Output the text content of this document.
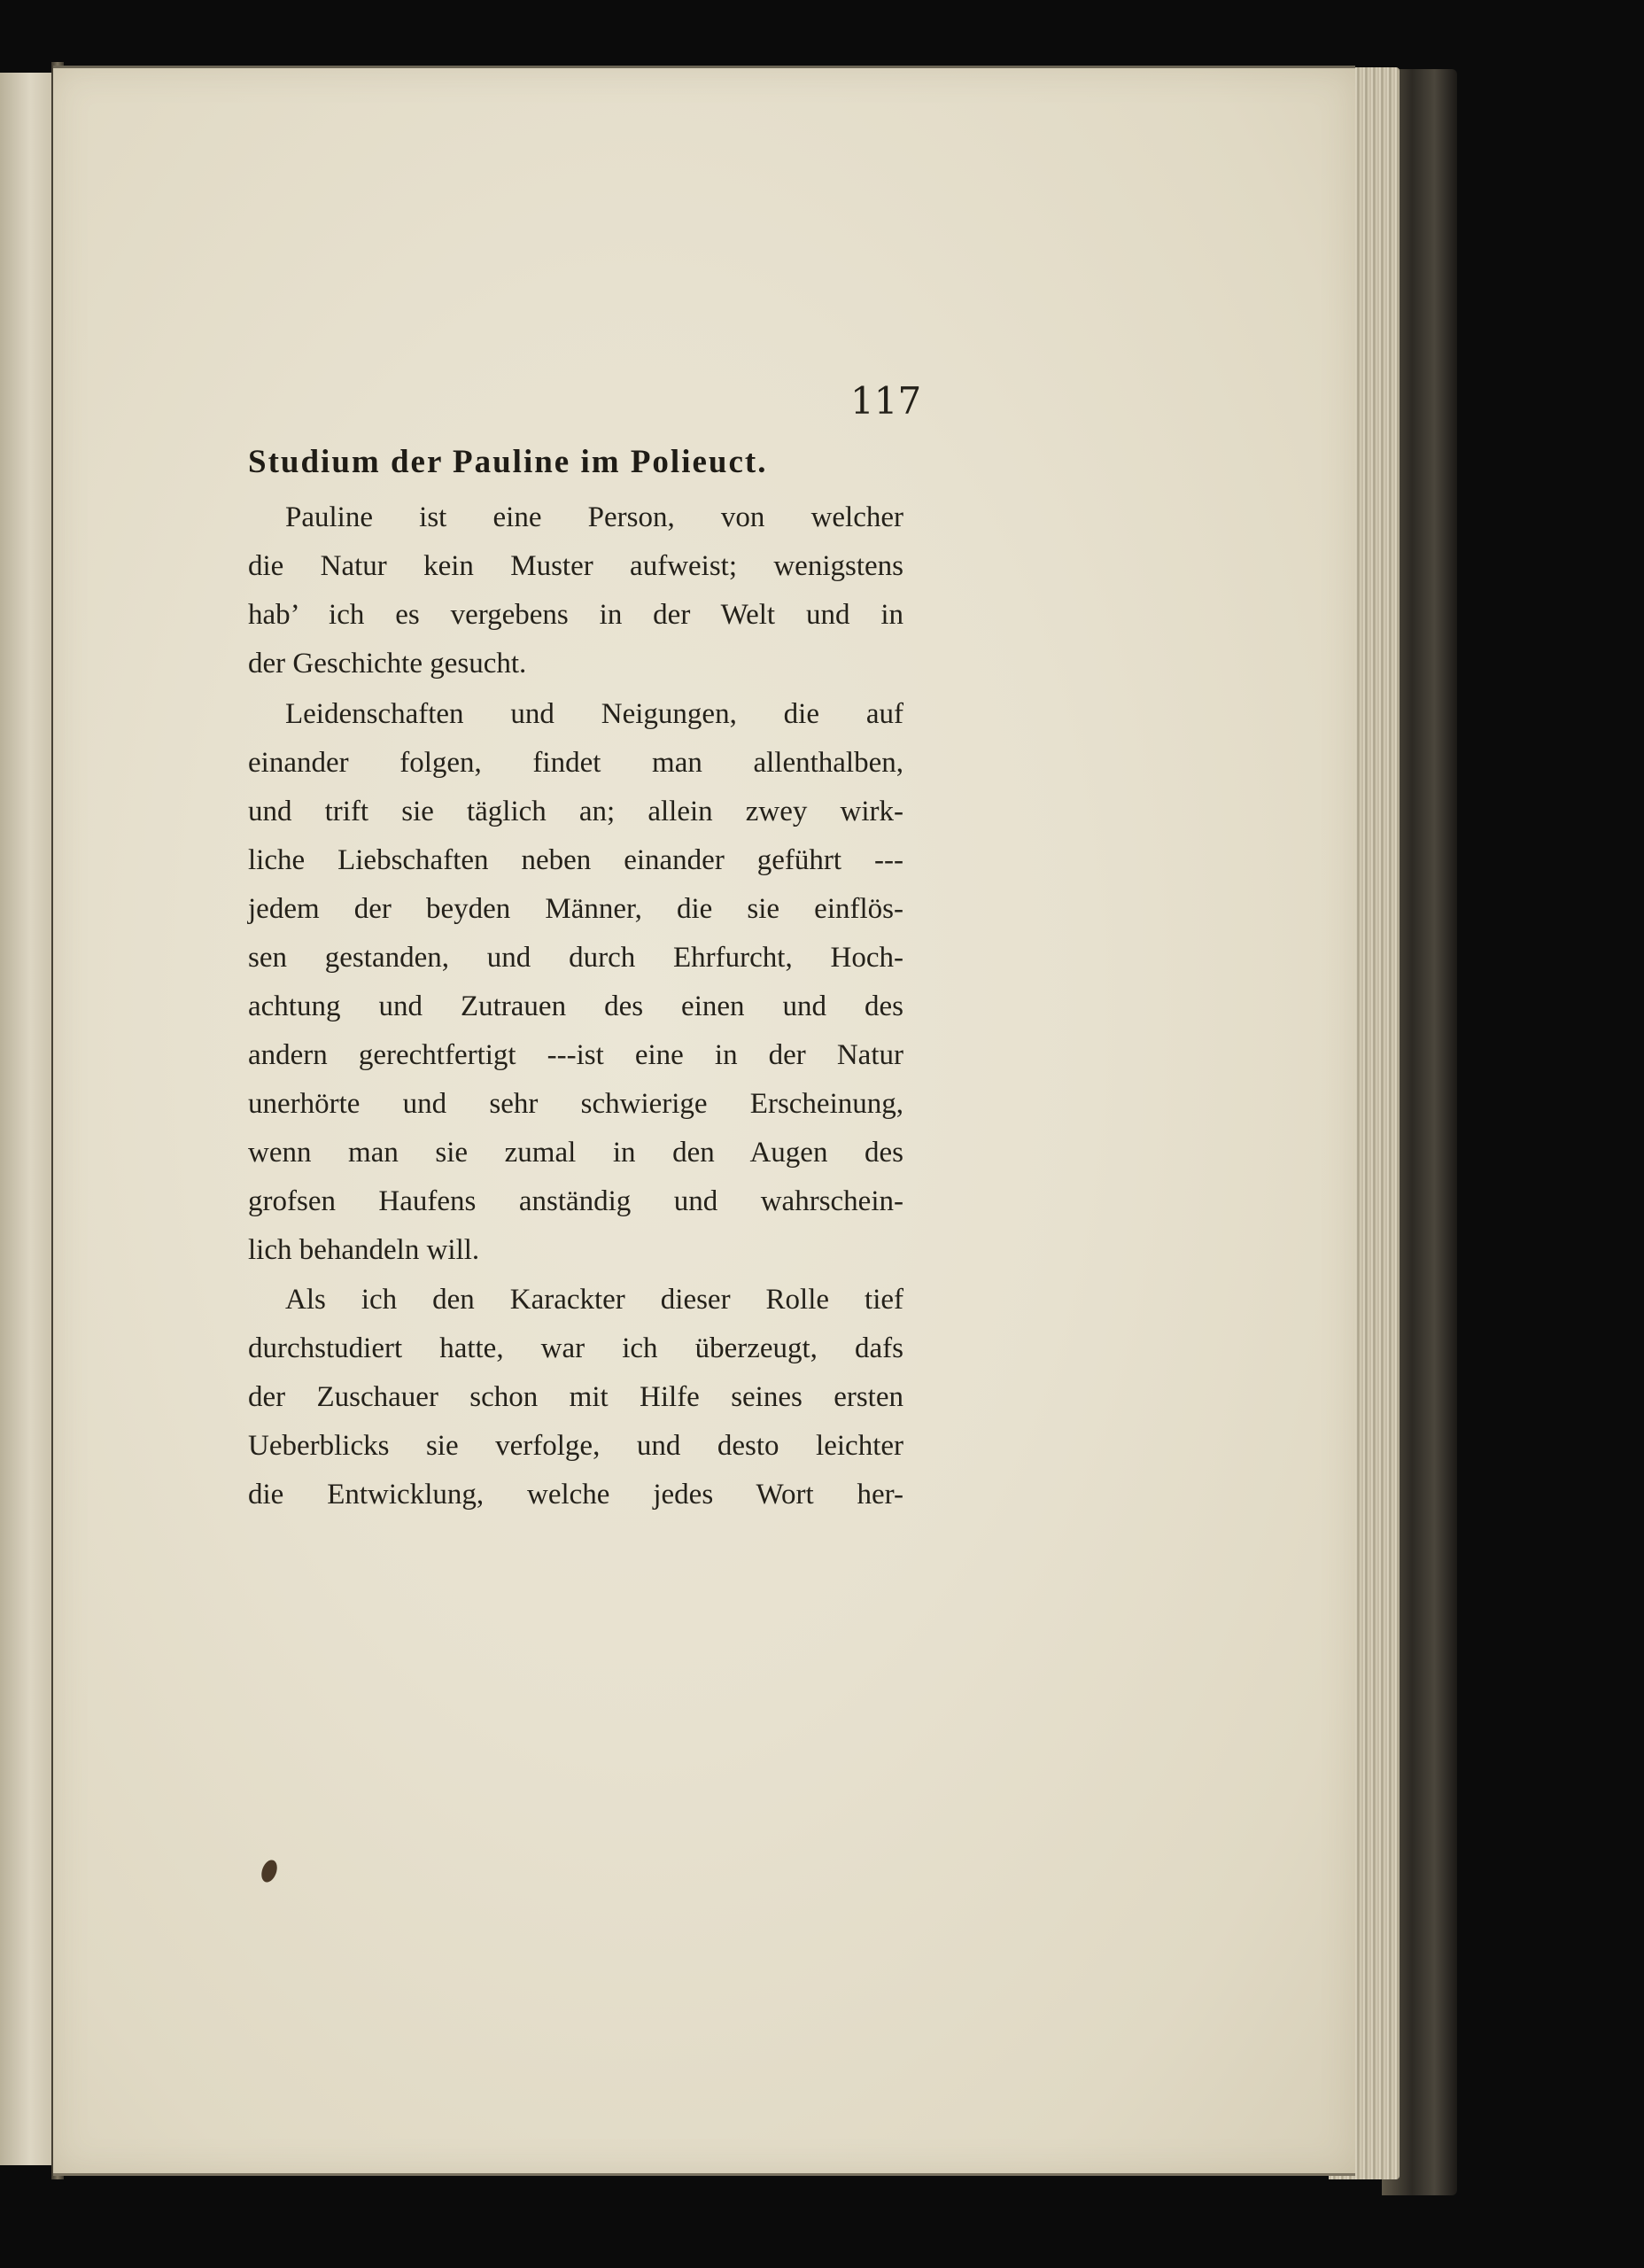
117
Studium der Pauline im Polieuct.
Pauline ist eine Person, von welcher
die Natur kein Muster aufweist; wenigstens
hab’ ich es vergebens in der Welt und in
der Geschichte gesucht.
Leidenschaften und Neigungen, die auf
einander folgen, findet man allenthalben,
und trift sie täglich an; allein zwey wirk-
liche Liebschaften neben einander geführt ---
jedem der beyden Männer, die sie einflös-
sen gestanden, und durch Ehrfurcht, Hoch-
achtung und Zutrauen des einen und des
andern gerechtfertigt ---ist eine in der Natur
unerhörte und sehr schwierige Erscheinung,
wenn man sie zumal in den Augen des
grofsen Haufens anständig und wahrschein-
lich behandeln will.
Als ich den Karackter dieser Rolle tief
durchstudiert hatte, war ich überzeugt, dafs
der Zuschauer schon mit Hilfe seines ersten
Ueberblicks sie verfolge, und desto leichter
die Entwicklung, welche jedes Wort her-
